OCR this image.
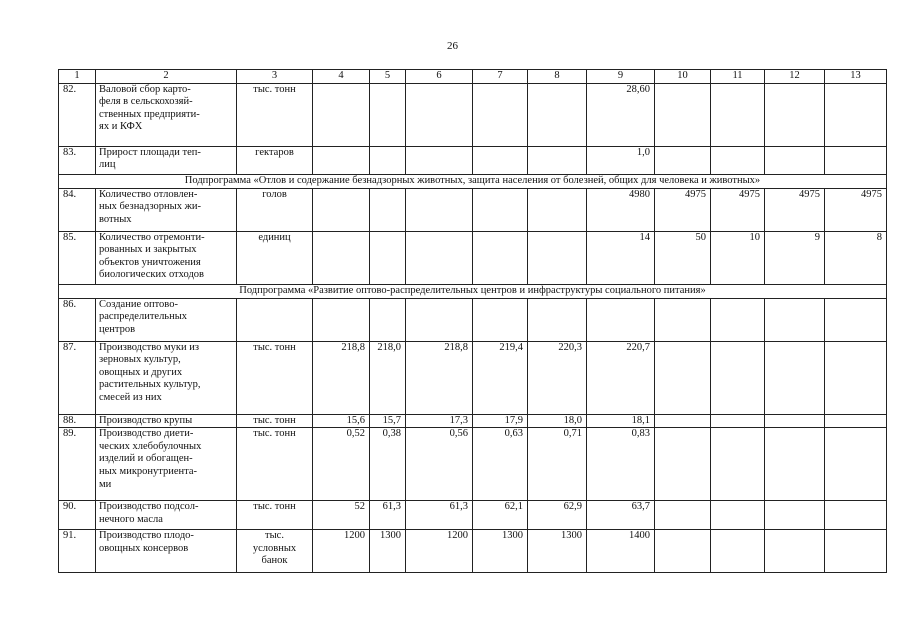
26
1	2	3	4	5	6	7	8	9	10	11	12	13
82.	Валовой сбор карто-
феля в сельскохозяй-
ственных предприяти-
ях и КФХ	тыс. тонн						28,60				
83.	Прирост площади теп-
лиц	гектаров						1,0				
Подпрограмма «Отлов и содержание безнадзорных животных, защита населения от болезней, общих для человека и животных»												
84.	Количество отловлен-
ных безнадзорных жи-
вотных	голов						4980	4975	4975	4975	4975
85.	Количество отремонти-
рованных и закрытых
объектов уничтожения
биологических отходов	единиц						14	50	10	9	8
Подпрограмма «Развитие оптово-распределительных центров и инфраструктуры социального питания»												
86.	Создание оптово-
распределительных
центров											
87.	Производство муки из
зерновых культур,
овощных и других
растительных культур,
смесей из них	тыс. тонн	218,8	218,0	218,8	219,4	220,3	220,7				
88.	Производство крупы	тыс. тонн	15,6	15,7	17,3	17,9	18,0	18,1				
89.	Производство диети-
ческих хлебобулочных
изделий и обогащен-
ных микронутриента-
ми	тыс. тонн	0,52	0,38	0,56	0,63	0,71	0,83				
90.	Производство подсол-
нечного масла	тыс. тонн	52	61,3	61,3	62,1	62,9	63,7				
91.	Производство плодо-
овощных консервов	тыс.
условных
банок	1200	1300	1200	1300	1300	1400				
